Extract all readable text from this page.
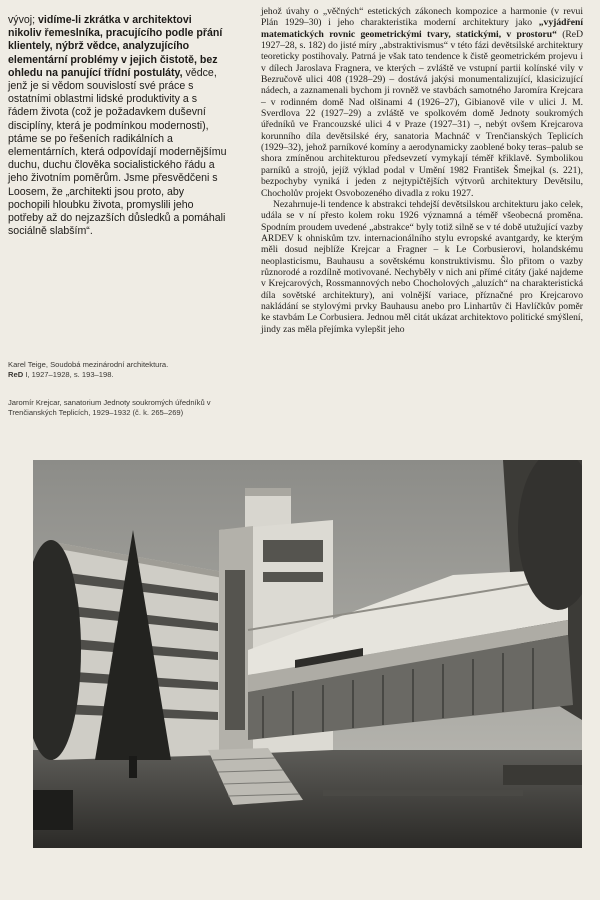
vývoj; vidíme-li zkrátka v architektovi nikoliv řemeslníka, pracujícího podle přání klientely, nýbrž vědce, analyzujícího elementární problémy v jejich čistotě, bez ohledu na panující třídní postuláty, vědce, jenž je si vědom souvislostí své práce s ostatními oblastmi lidské produktivity a s řádem života (což je požadavkem duševní disciplíny, která je podmínkou modernosti), ptáme se po řešeních radikálních a elementárních, která odpovídají modernějšímu duchu, duchu člověka socialistického řádu a jeho životním poměrům. Jsme přesvědčeni s Loosem, že „architekti jsou proto, aby pochopili hloubku života, promyslili jeho potřeby až do nejzazších důsledků a pomáhali sociálně slabším“.
Karel Teige, Soudobá mezinárodní architektura.
ReD I, 1927–1928, s. 193–198.
Jaromír Krejcar, sanatorium Jednoty soukromých úředníků v Trenčianských Teplicích, 1929–1932 (č. k. 265–269)

jehož úvahy o „věčných“ estetických zákonech kompozice a harmonie (v revui Plán 1929–30) i jeho charakteristika moderní architektury jako „vyjádření matematických rovnic geometrickými tvary, statickými, v prostoru“ (ReD 1927–28, s. 182) do jisté míry „abstraktivismus“ v této fázi devětsilské architektury teoreticky postihovaly. Patrná je však tato tendence k čistě geometrickém projevu i v dílech Jaroslava Fragnera, ve kterých – zvláště ve vstupní partii kolínské vily v Bezručově ulici 408 (1928–29) – dostává jakýsi monumentalizující, klasicizující nádech, a zaznamenali bychom ji rovněž ve stavbách samotného Jaromíra Krejcara – v rodinném domě Nad olšinami 4 (1926–27), Gibianově vile v ulici J. M. Sverdlova 22 (1927–29) a zvláště ve spolkovém domě Jednoty soukromých úředníků ve Francouzské ulici 4 v Praze (1927–31) –, nebýt ovšem Krejcarova korunního díla devětsilské éry, sanatoria Machnáč v Trenčianských Teplicích (1929–32), jehož parníkové komíny a aerodynamicky zaoblené boky teras–palub se shora zmíněnou architekturou předsevzetí vymykají téměř křiklavě. Symbolikou parníků a strojů, jejíž výklad podal v Umění 1982 František Šmejkal (s. 221), bezpochyby vyniká i jeden z nejtypičtějších výtvorů architektury Devětsilu, Chocholův projekt Osvobozeného divadla z roku 1927.

Nezahrnuje-li tendence k abstrakci tehdejší devětsilskou architekturu jako celek, udála se v ní přesto kolem roku 1926 významná a téměř všeobecná proměna. Spodním proudem uvedené „abstrakce“ byly totiž silně se v té době utužující vazby ARDEV k ohniskům tzv. internacionálního stylu evropské avantgardy, ke kterým měli dosud nejblíže Krejcar a Fragner – k Le Corbusierovi, holandskému neoplasticismu, Bauhausu a sovětskému konstruktivismu. Šlo přitom o vazby různorodé a rozdílně motivované. Nechyběly v nich ani přímé citáty (jaké najdeme v Krejcarových, Rossmannových nebo Chocholových „aluzích“ na charakteristická díla sovětské architektury), ani volnější variace, příznačné pro Krejcarovo nakládání se stylovými prvky Bauhausu anebo pro Linhartův či Havlíčkův poměr ke stavbám Le Corbusiera. Jednou měl citát ukázat architektovo politické smýšlení, jindy zas měla přejímka vylepšit jeho
